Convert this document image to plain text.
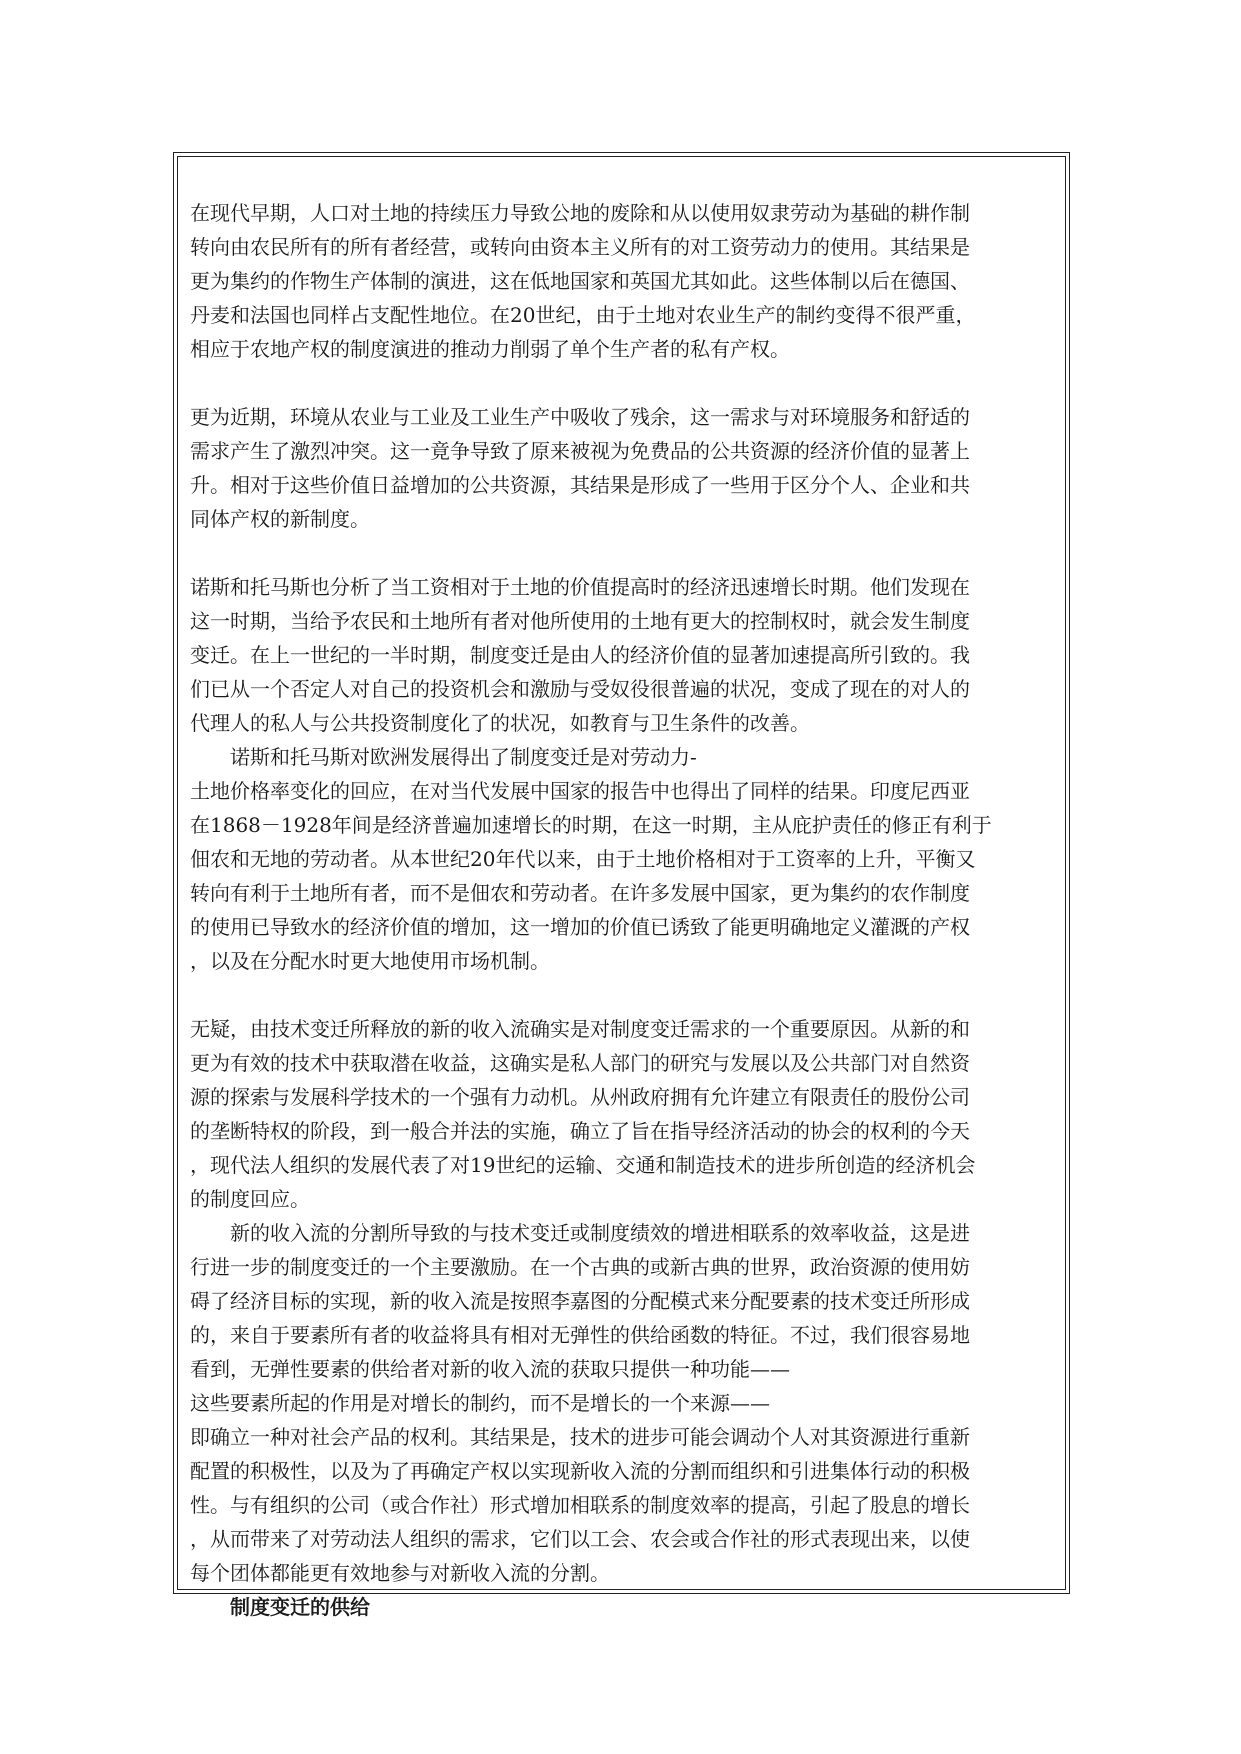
在现代早期，人口对土地的持续压力导致公地的废除和从以使用奴隶劳动为基础的耕作制
转向由农民所有的所有者经营，或转向由资本主义所有的对工资劳动力的使用。其结果是
更为集约的作物生产体制的演进，这在低地国家和英国尤其如此。这些体制以后在德国、
丹麦和法国也同样占支配性地位。在20世纪，由于土地对农业生产的制约变得不很严重，
相应于农地产权的制度演进的推动力削弱了单个生产者的私有产权。

更为近期，环境从农业与工业及工业生产中吸收了残余，这一需求与对环境服务和舒适的
需求产生了激烈冲突。这一竟争导致了原来被视为免费品的公共资源的经济价值的显著上
升。相对于这些价值日益增加的公共资源，其结果是形成了一些用于区分个人、企业和共
同体产权的新制度。

诺斯和托马斯也分析了当工资相对于土地的价值提高时的经济迅速增长时期。他们发现在
这一时期，当给予农民和土地所有者对他所使用的土地有更大的控制权时，就会发生制度
变迁。在上一世纪的一半时期，制度变迁是由人的经济价值的显著加速提高所引致的。我
们已从一个否定人对自己的投资机会和激励与受奴役很普遍的状况，变成了现在的对人的
代理人的私人与公共投资制度化了的状况，如教育与卫生条件的改善。
　　诺斯和托马斯对欧洲发展得出了制度变迁是对劳动力-
土地价格率变化的回应，在对当代发展中国家的报告中也得出了同样的结果。印度尼西亚
在1868－1928年间是经济普遍加速增长的时期，在这一时期，主从庇护责任的修正有利于
佃农和无地的劳动者。从本世纪20年代以来，由于土地价格相对于工资率的上升，平衡又
转向有利于土地所有者，而不是佃农和劳动者。在许多发展中国家，更为集约的农作制度
的使用已导致水的经济价值的增加，这一增加的价值已诱致了能更明确地定义灌溉的产权
，以及在分配水时更大地使用市场机制。

无疑，由技术变迁所释放的新的收入流确实是对制度变迁需求的一个重要原因。从新的和
更为有效的技术中获取潜在收益，这确实是私人部门的研究与发展以及公共部门对自然资
源的探索与发展科学技术的一个强有力动机。从州政府拥有允许建立有限责任的股份公司
的垄断特权的阶段，到一般合并法的实施，确立了旨在指导经济活动的协会的权利的今天
，现代法人组织的发展代表了对19世纪的运输、交通和制造技术的进步所创造的经济机会
的制度回应。
　　新的收入流的分割所导致的与技术变迁或制度绩效的增进相联系的效率收益，这是进
行进一步的制度变迁的一个主要激励。在一个古典的或新古典的世界，政治资源的使用妨
碍了经济目标的实现，新的收入流是按照李嘉图的分配模式来分配要素的技术变迁所形成
的，来自于要素所有者的收益将具有相对无弹性的供给函数的特征。不过，我们很容易地
看到，无弹性要素的供给者对新的收入流的获取只提供一种功能——
这些要素所起的作用是对增长的制约，而不是增长的一个来源——
即确立一种对社会产品的权利。其结果是，技术的进步可能会调动个人对其资源进行重新
配置的积极性，以及为了再确定产权以实现新收入流的分割而组织和引进集体行动的积极
性。与有组织的公司（或合作社）形式增加相联系的制度效率的提高，引起了股息的增长
，从而带来了对劳动法人组织的需求，它们以工会、农会或合作社的形式表现出来，以使
每个团体都能更有效地参与对新收入流的分割。

　　制度变迁的供给
